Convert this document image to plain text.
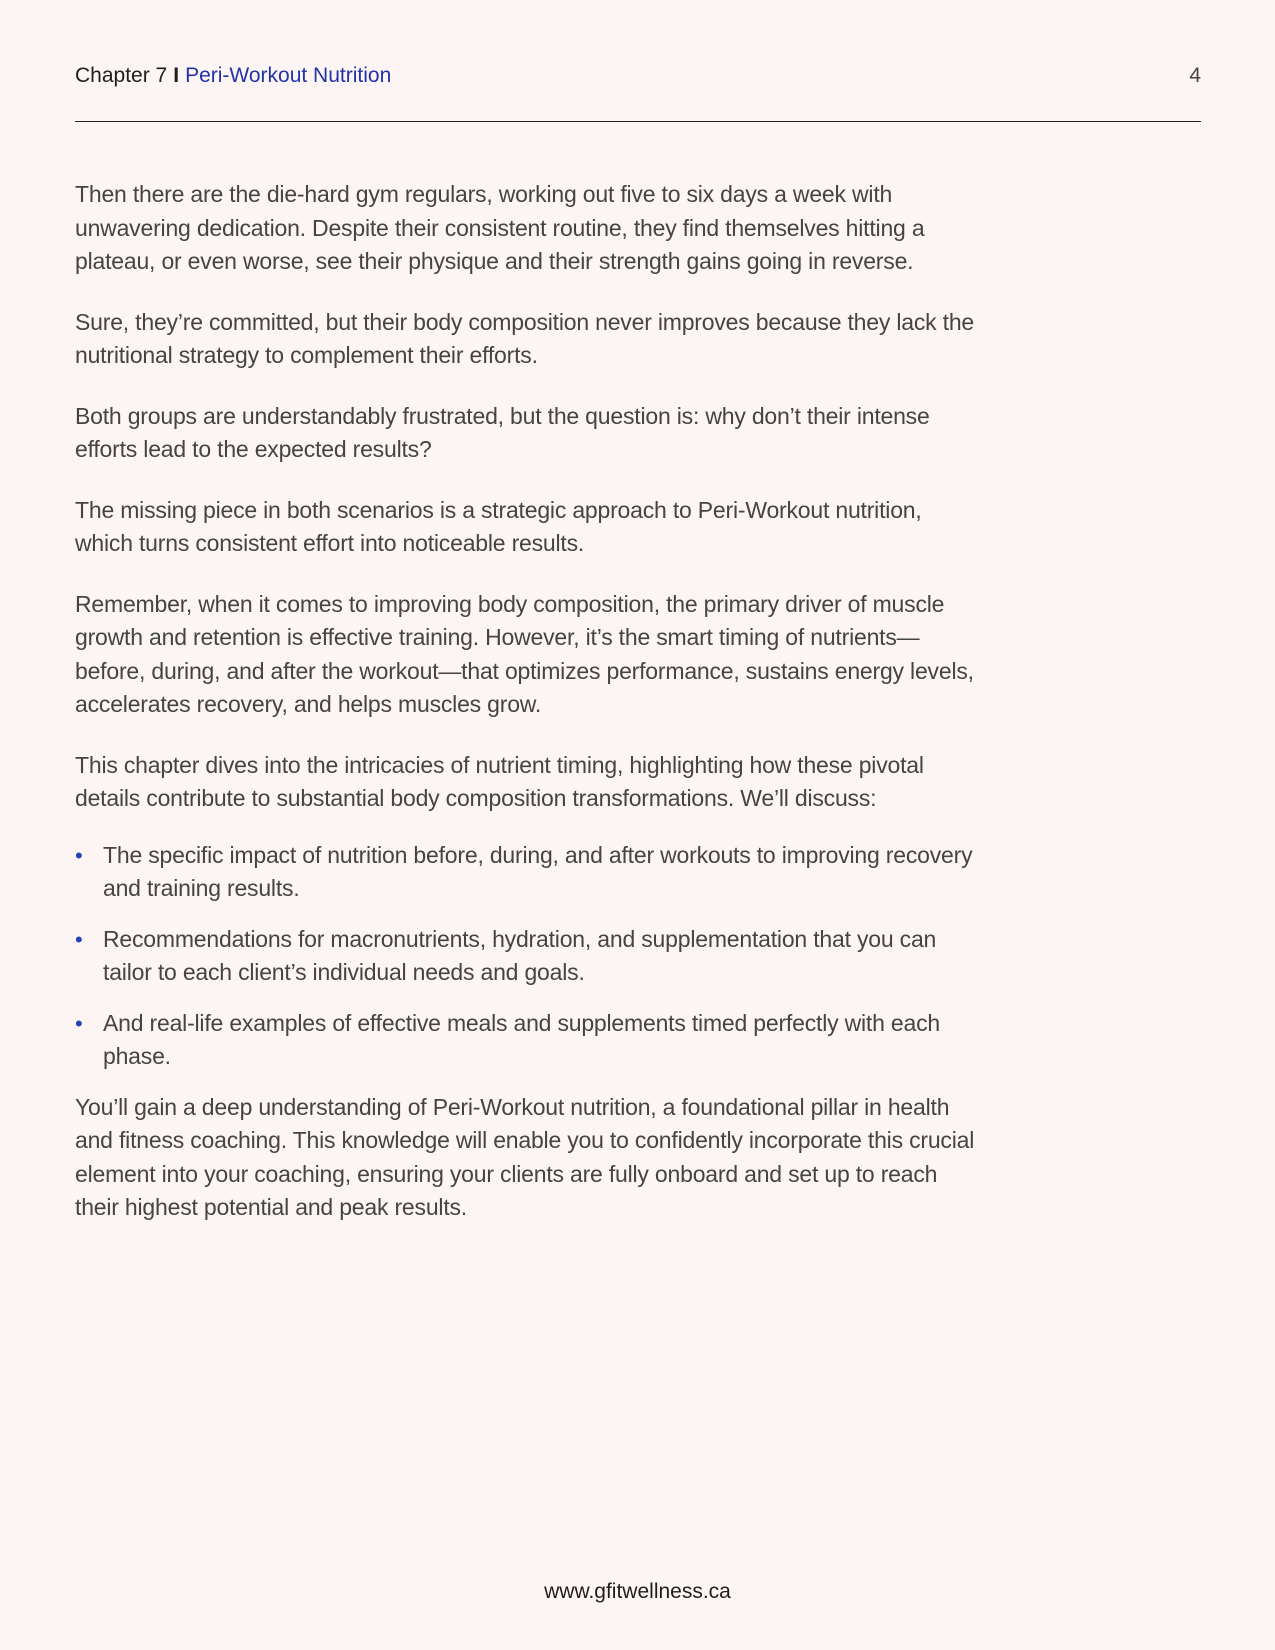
Chapter 7 I Peri-Workout Nutrition	4

Then there are the die-hard gym regulars, working out five to six days a week with unwavering dedication. Despite their consistent routine, they find themselves hitting a plateau, or even worse, see their physique and their strength gains going in reverse.

Sure, they’re committed, but their body composition never improves because they lack the nutritional strategy to complement their efforts.

Both groups are understandably frustrated, but the question is: why don’t their intense efforts lead to the expected results?

The missing piece in both scenarios is a strategic approach to Peri-Workout nutrition, which turns consistent effort into noticeable results.

Remember, when it comes to improving body composition, the primary driver of muscle growth and retention is effective training. However, it’s the smart timing of nutrients— before, during, and after the workout—that optimizes performance, sustains energy levels, accelerates recovery, and helps muscles grow.

This chapter dives into the intricacies of nutrient timing, highlighting how these pivotal details contribute to substantial body composition transformations. We’ll discuss:

• The specific impact of nutrition before, during, and after workouts to improving recovery and training results.
• Recommendations for macronutrients, hydration, and supplementation that you can tailor to each client’s individual needs and goals.
• And real-life examples of effective meals and supplements timed perfectly with each phase.

You’ll gain a deep understanding of Peri-Workout nutrition, a foundational pillar in health and fitness coaching. This knowledge will enable you to confidently incorporate this crucial element into your coaching, ensuring your clients are fully onboard and set up to reach their highest potential and peak results.

www.gfitwellness.ca
